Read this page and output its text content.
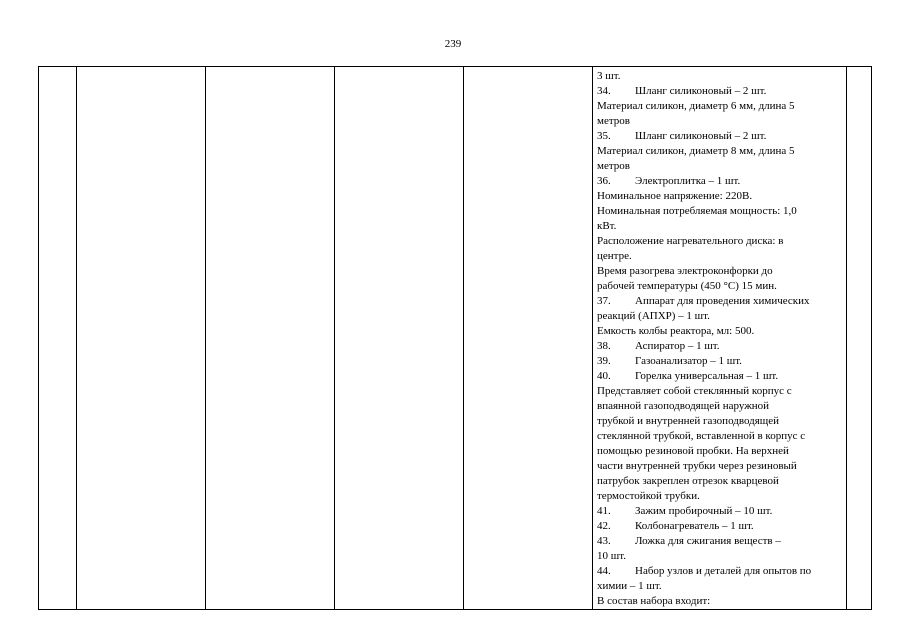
239

3 шт.
34. Шланг силиконовый – 2 шт.
Материал силикон, диаметр 6 мм, длина 5
метров
35. Шланг силиконовый – 2 шт.
Материал силикон, диаметр 8 мм, длина 5
метров
36. Электроплитка – 1 шт.
Номинальное напряжение: 220В.
Номинальная потребляемая мощность: 1,0
кВт.
Расположение нагревательного диска: в
центре.
Время разогрева электроконфорки до
рабочей температуры (450 °С) 15 мин.
37. Аппарат для проведения химических
реакций (АПХР) – 1 шт.
Емкость колбы реактора, мл: 500.
38. Аспиратор – 1 шт.
39. Газоанализатор – 1 шт.
40. Горелка универсальная – 1 шт.
Представляет собой стеклянный корпус с
впаянной газоподводящей наружной
трубкой и внутренней газоподводящей
стеклянной трубкой, вставленной в корпус с
помощью резиновой пробки. На верхней
части внутренней трубки через резиновый
патрубок закреплен отрезок кварцевой
термостойкой трубки.
41. Зажим пробирочный – 10 шт.
42. Колбонагреватель – 1 шт.
43. Ложка для сжигания веществ –
10 шт.
44. Набор узлов и деталей для опытов по
химии – 1 шт.
В состав набора входит:
